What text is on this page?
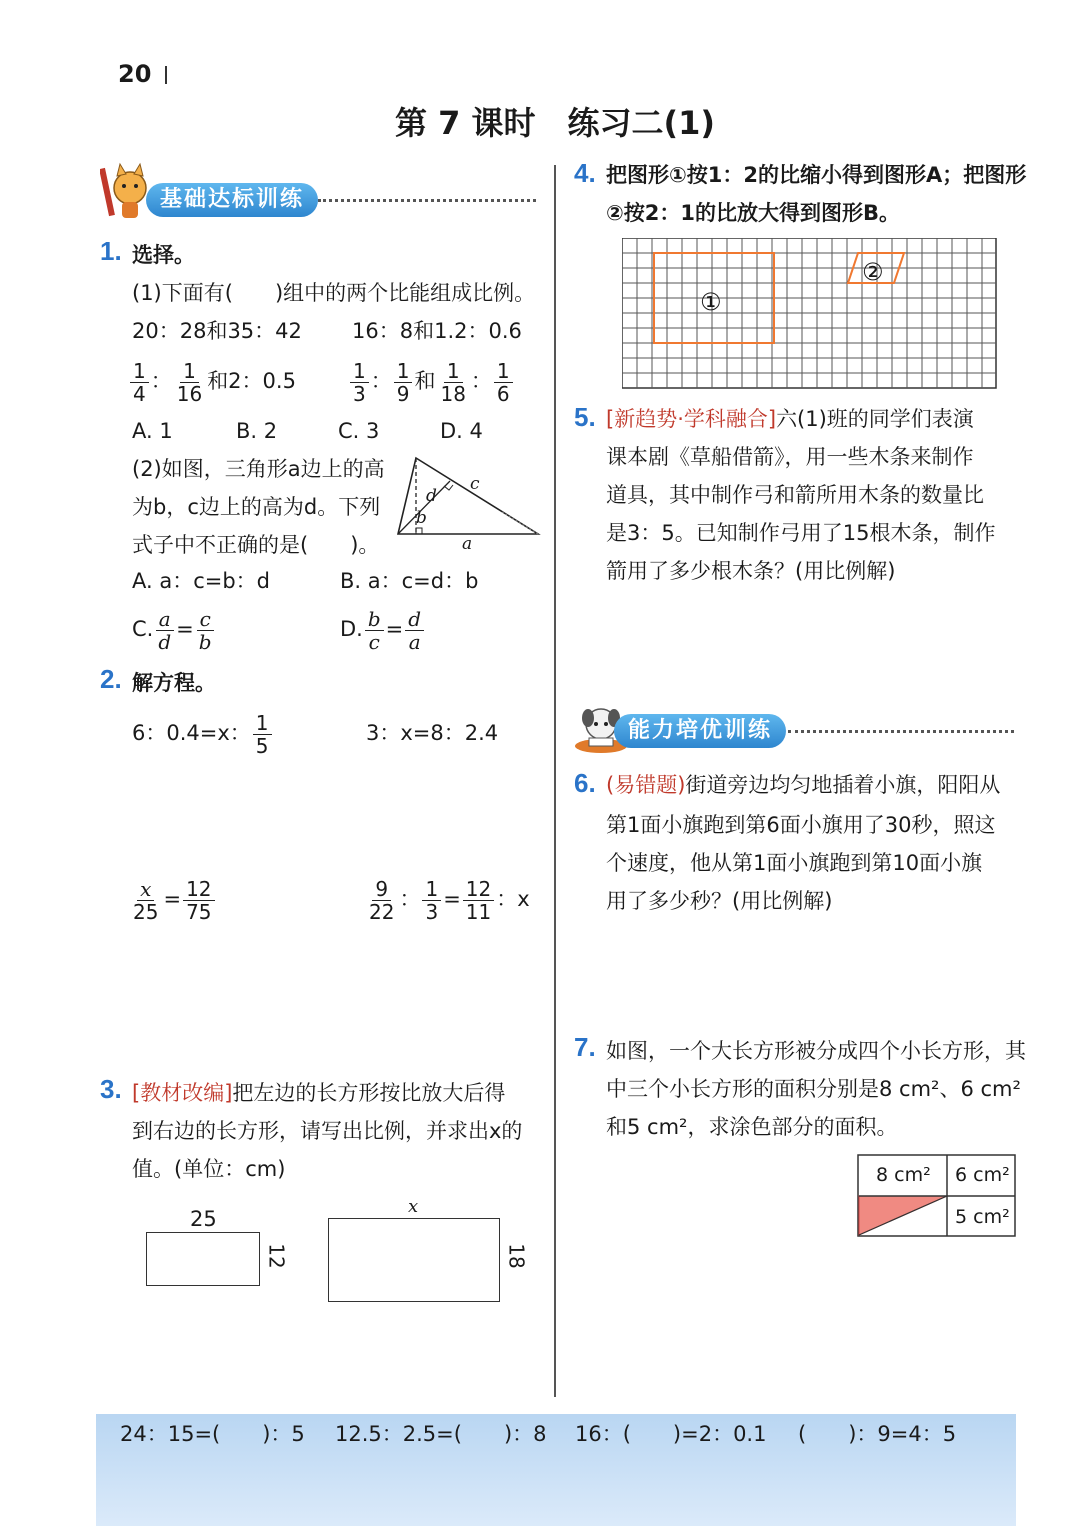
20
第 7 课时　练习二(1)
基础达标训练
1. 选择。
(1)下面有(　　)组中的两个比能组成比例。
20：28和35：42 16：8和1.2：0.6
$\frac{1}{4}$ ： $\frac{1}{16}$ 和2：0.5	$\frac{1}{3}$ ： $\frac{1}{9}$ 和 $\frac{1}{18}$ ： $\frac{1}{6}$
A. 1	B. 2	C. 3	D. 4
(2)如图，三角形a边上的高
为b，c边上的高为d。下列
式子中不正确的是(　　)。
c
d
b
a
A. a：c=b：d	B. a：c=d：b
C. $\frac{a}{d} = \frac{c}{b}$	D. $\frac{b}{c} = \frac{d}{a}$
2. 解方程。
6：0.4=x： $\frac{1}{5}$	3：x=8：2.4
$\frac{x}{25} = \frac{12}{75}$	$\frac{9}{22}$ ： $\frac{1}{3} = \frac{12}{11}$ ：x
3. [教材改编]把左边的长方形按比放大后得
到右边的长方形，请写出比例，并求出x的
值。(单位：cm)
25
12
x
18
4. 把图形①按1：2的比缩小得到图形A；把图形
②按2：1的比放大得到图形B。
①
②
5. [新趋势·学科融合]六(1)班的同学们表演
课本剧《草船借箭》，用一些木条来制作
道具，其中制作弓和箭所用木条的数量比
是3：5。已知制作弓用了15根木条，制作
箭用了多少根木条？(用比例解)
能力培优训练
6. (易错题)街道旁边均匀地插着小旗，阳阳从
第1面小旗跑到第6面小旗用了30秒，照这
个速度，他从第1面小旗跑到第10面小旗
用了多少秒？(用比例解)
7. 如图，一个大长方形被分成四个小长方形，其
中三个小长方形的面积分别是8 cm²、6 cm²
和5 cm²，求涂色部分的面积。
8 cm² 6 cm²
5 cm²
24：15=(　　)：5 12.5：2.5=(　　)：8 16：(　　)=2：0.1 (　　)：9=4：5
